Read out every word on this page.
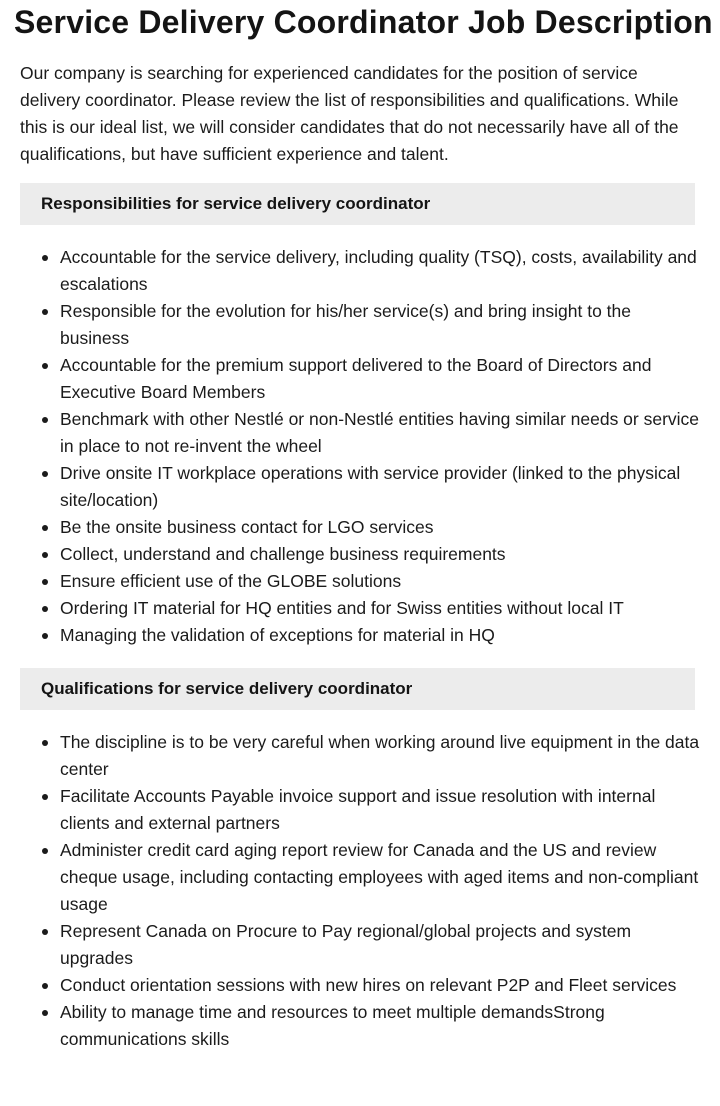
Service Delivery Coordinator Job Description

Our company is searching for experienced candidates for the position of service delivery coordinator. Please review the list of responsibilities and qualifications. While this is our ideal list, we will consider candidates that do not necessarily have all of the qualifications, but have sufficient experience and talent.

Responsibilities for service delivery coordinator
Accountable for the service delivery, including quality (TSQ), costs, availability and escalations
Responsible for the evolution for his/her service(s) and bring insight to the business
Accountable for the premium support delivered to the Board of Directors and Executive Board Members
Benchmark with other Nestlé or non-Nestlé entities having similar needs or service in place to not re-invent the wheel
Drive onsite IT workplace operations with service provider (linked to the physical site/location)
Be the onsite business contact for LGO services
Collect, understand and challenge business requirements
Ensure efficient use of the GLOBE solutions
Ordering IT material for HQ entities and for Swiss entities without local IT
Managing the validation of exceptions for material in HQ
Qualifications for service delivery coordinator
The discipline is to be very careful when working around live equipment in the data center
Facilitate Accounts Payable invoice support and issue resolution with internal clients and external partners
Administer credit card aging report review for Canada and the US and review cheque usage, including contacting employees with aged items and non-compliant usage
Represent Canada on Procure to Pay regional/global projects and system upgrades
Conduct orientation sessions with new hires on relevant P2P and Fleet services
Ability to manage time and resources to meet multiple demandsStrong communications skills
